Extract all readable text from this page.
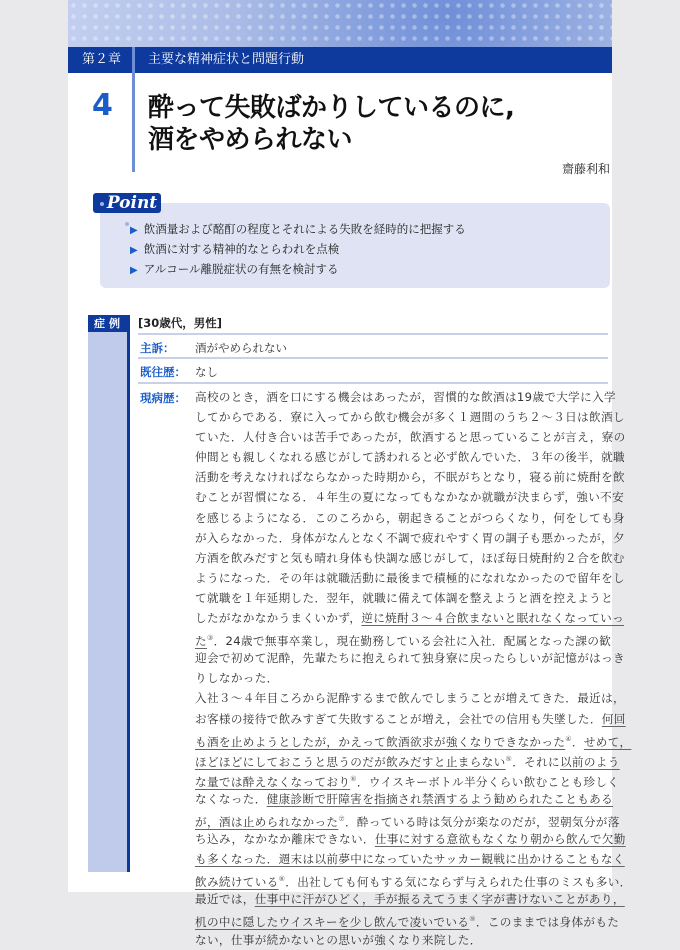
第２章 主要な精神症状と問題行動
4 酔って失敗ばかりしているのに,
酒をやめられない
齋藤利和
Point
▶ 飲酒量および酩酊の程度とそれによる失敗を経時的に把握する
▶ 飲酒に対する精神的なとらわれを点検
▶ アルコール離脱症状の有無を検討する
症例	[30歳代，男性]
主訴： 酒がやめられない
既往歴： なし
現病歴： 高校のとき，酒を口にする機会はあったが，習慣的な飲酒は19歳で大学に入学
してからである．寮に入ってから飲む機会が多く１週間のうち２～３日は飲酒し
ていた．人付き合いは苦手であったが，飲酒すると思っていることが言え，寮の
仲間とも親しくなれる感じがして誘われると必ず飲んでいた．３年の後半，就職
活動を考えなければならなかった時期から，不眠がちとなり，寝る前に焼酎を飲
むことが習慣になる．４年生の夏になってもなかなか就職が決まらず，強い不安
を感じるようになる．このころから，朝起きることがつらくなり，何をしても身
が入らなかった．身体がなんとなく不調で疲れやすく胃の調子も悪かったが，夕
方酒を飲みだすと気も晴れ身体も快調な感じがして，ほぼ毎日焼酎約２合を飲む
ようになった．その年は就職活動に最後まで積極的になれなかったので留年をし
て就職を１年延期した．翌年，就職に備えて体調を整えようと酒を控えようと
したがなかなかうまくいかず，逆に焼酎３～４合飲まないと眠れなくなっていっ
た③．24歳で無事卒業し，現在勤務している会社に入社．配属となった課の歓
迎会で初めて泥酔，先輩たちに抱えられて独身寮に戻ったらしいが記憶がはっき
りしなかった．
入社３～４年目ころから泥酔するまで飲んでしまうことが増えてきた．最近は，
お客様の接待で飲みすぎて失敗することが増え，会社での信用も失墜した．何回
も酒を止めようとしたが，かえって飲酒欲求が強くなりできなかった④．せめて，
ほどほどにしておこうと思うのだが飲みだすと止まらない⑤．それに以前のよう
な量では酔えなくなっており⑥．ウイスキーボトル半分くらい飲むことも珍しく
なくなった．健康診断で肝障害を指摘され禁酒するよう勧められたこともある
が，酒は止められなかった⑦．酔っている時は気分が楽なのだが，翌朝気分が落
ち込み，なかなか離床できない．仕事に対する意欲もなくなり朝から飲んで欠勤
も多くなった．週末は以前夢中になっていたサッカー観戦に出かけることもなく
飲み続けている⑧．出社しても何もする気にならず与えられた仕事のミスも多い．
最近では，仕事中に汗がひどく，手が振るえてうまく字が書けないことがあり，
机の中に隠したウイスキーを少し飲んで凌いでいる⑨．このままでは身体がもた
ない，仕事が続かないとの思いが強くなり来院した．
